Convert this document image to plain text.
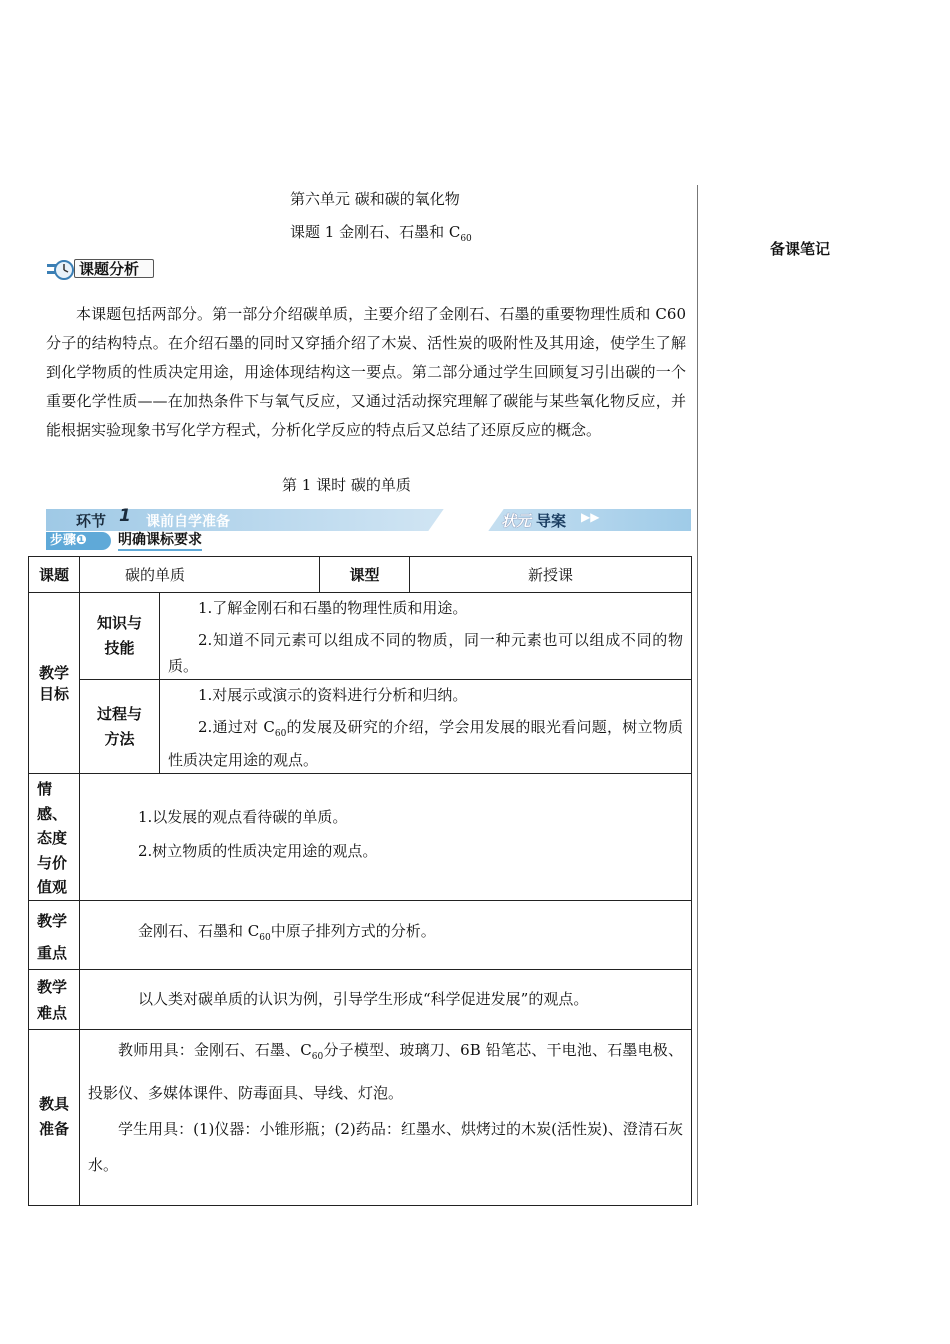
备课笔记
第六单元 碳和碳的氧化物
课题 1 金刚石、石墨和 $C_{60}$
课题分析

本课题包括两部分。第一部分介绍碳单质，主要介绍了金刚石、石墨的重要物理性质和 C60 分子的结构特点。在介绍石墨的同时又穿插介绍了木炭、活性炭的吸附性及其用途，使学生了解到化学物质的性质决定用途，用途体现结构这一要点。第二部分通过学生回顾复习引出碳的一个重要化学性质——在加热条件下与氧气反应，又通过活动探究理解了碳能与某些氧化物反应，并能根据实验现象书写化学方程式，分析化学反应的特点后又总结了还原反应的概念。

第 1 课时 碳的单质
环节 1 课前自学准备	状元 导案 ▶▶
步骤❶	明确课标要求
课题	碳的单质		课型	新授课
教学目标	知识与技能	1.了解金刚石和石墨的物理性质和用途。

2.知道不同元素可以组成不同的物质，同一种元素也可以组成不同的物质。		

	过程与方法	1.对展示或演示的资料进行分析和归纳。

2.通过对 $C_{60}$的发展及研究的介绍，学会用发展的眼光看问题，树立物质性质决定用途的观点。		

情感、态度与价值观	1.以发展的观点看待碳的单质。

2.树立物质的性质决定用途的观点。			

教学重点	金刚石、石墨和 $C_{60}$中原子排列方式的分析。			

教学难点	以人类对碳单质的认识为例，引导学生形成“科学促进发展”的观点。			

教具准备	教师用具：金刚石、石墨、$C_{60}$分子模型、玻璃刀、6B 铅笔芯、干电池、石墨电极、投影仪、多媒体课件、防毒面具、导线、灯泡。

学生用具：(1)仪器：小锥形瓶；(2)药品：红墨水、烘烤过的木炭(活性炭)、澄清石灰水。			
